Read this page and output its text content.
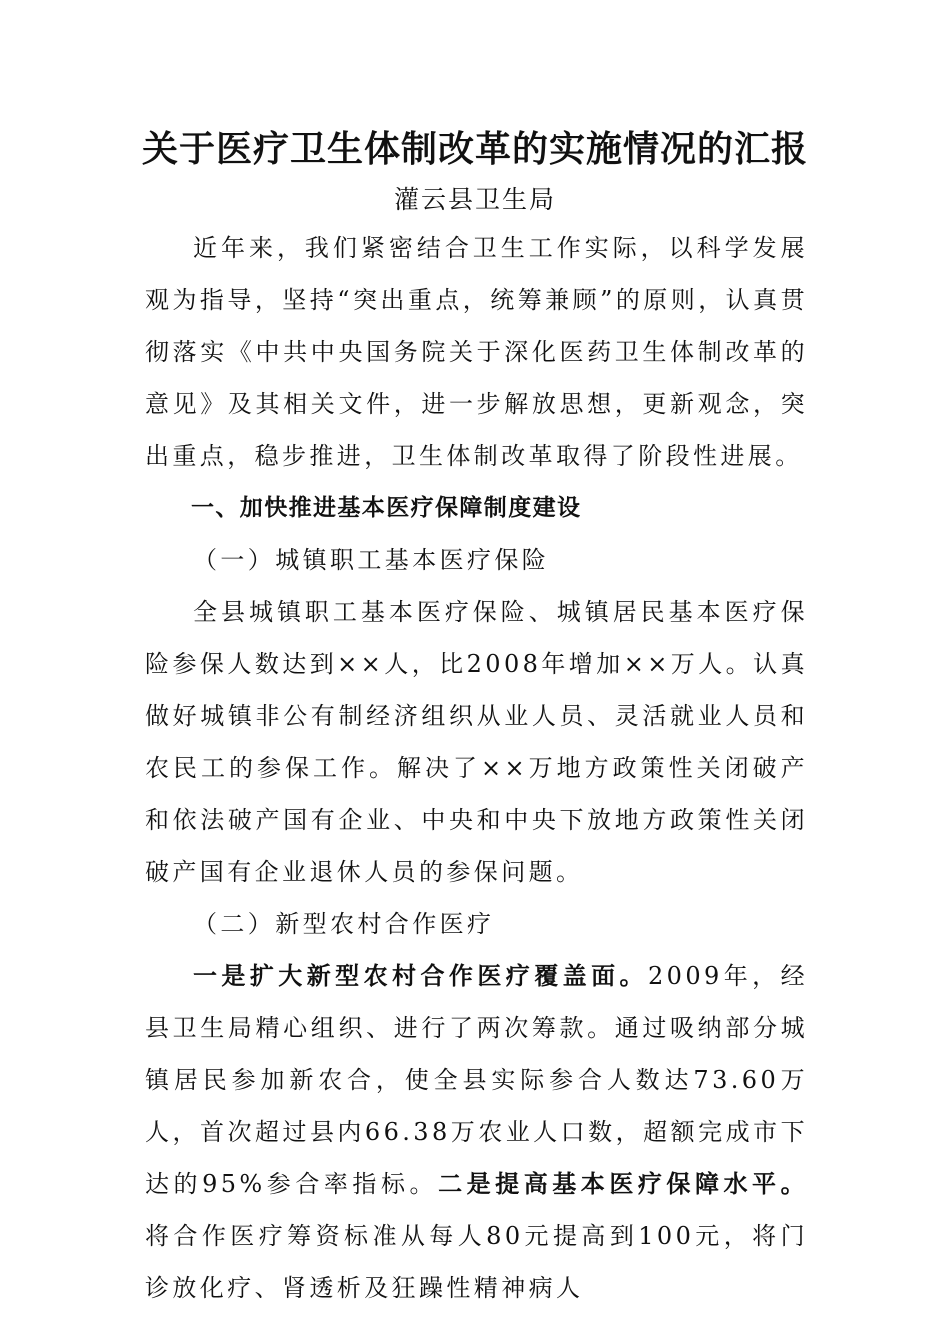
关于医疗卫生体制改革的实施情况的汇报
灌云县卫生局

近年来，我们紧密结合卫生工作实际，以科学发展观为指导，坚持“突出重点，统筹兼顾”的原则，认真贯彻落实《中共中央国务院关于深化医药卫生体制改革的意见》及其相关文件，进一步解放思想，更新观念，突出重点，稳步推进，卫生体制改革取得了阶段性进展。

一、加快推进基本医疗保障制度建设

（一）城镇职工基本医疗保险

全县城镇职工基本医疗保险、城镇居民基本医疗保险参保人数达到××人，比2008年增加××万人。认真做好城镇非公有制经济组织从业人员、灵活就业人员和农民工的参保工作。解决了××万地方政策性关闭破产和依法破产国有企业、中央和中央下放地方政策性关闭破产国有企业退休人员的参保问题。

（二）新型农村合作医疗

一是扩大新型农村合作医疗覆盖面。2009年，经县卫生局精心组织、进行了两次筹款。通过吸纳部分城镇居民参加新农合，使全县实际参合人数达73.60万人，首次超过县内66.38万农业人口数，超额完成市下达的95%参合率指标。二是提高基本医疗保障水平。将合作医疗筹资标准从每人80元提高到100元，将门诊放化疗、肾透析及狂躁性精神病人
